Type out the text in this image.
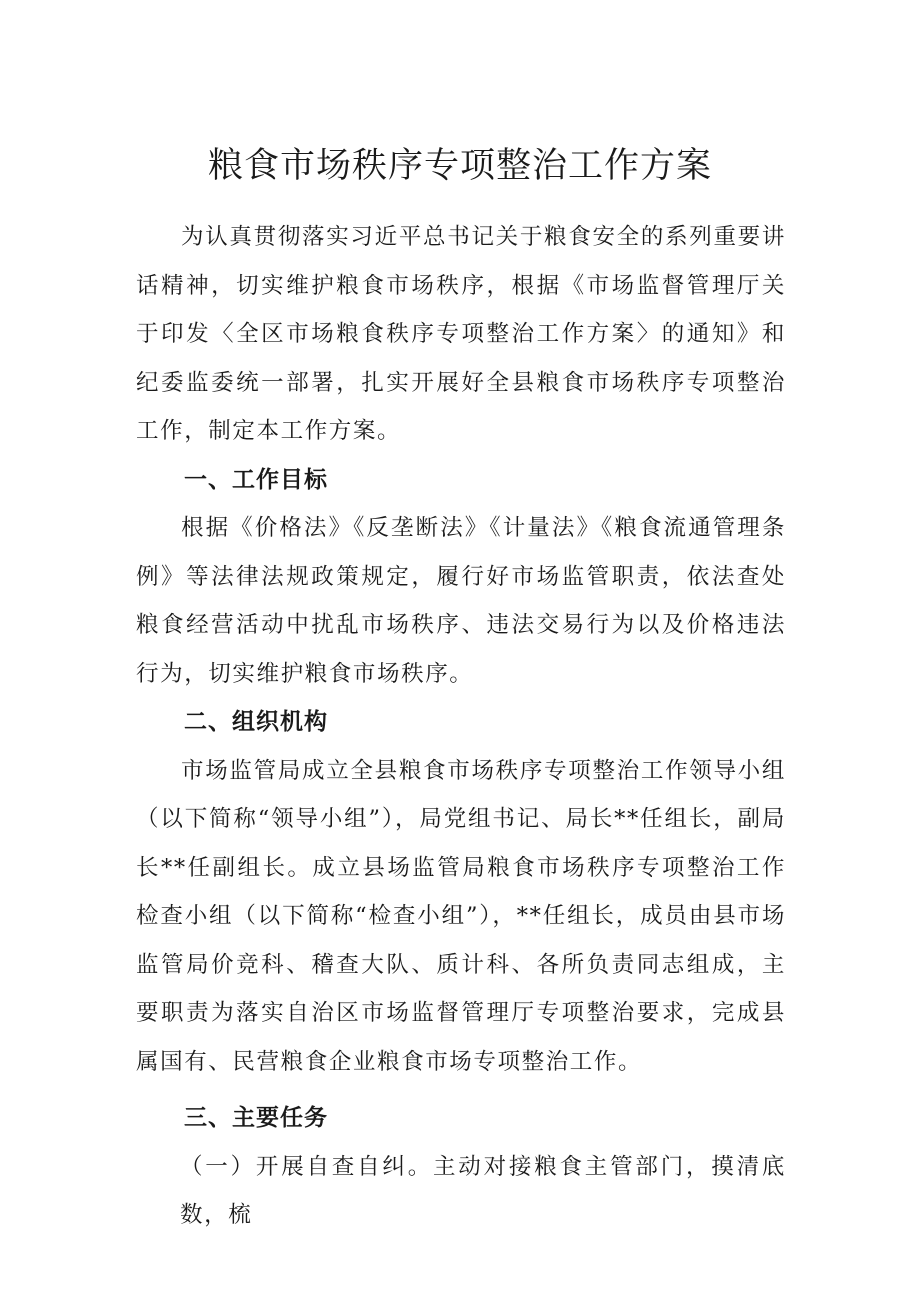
粮食市场秩序专项整治工作方案

为认真贯彻落实习近平总书记关于粮食安全的系列重要讲话精神，切实维护粮食市场秩序，根据《市场监督管理厅关于印发〈全区市场粮食秩序专项整治工作方案〉的通知》和纪委监委统一部署，扎实开展好全县粮食市场秩序专项整治工作，制定本工作方案。

一、工作目标

根据《价格法》《反垄断法》《计量法》《粮食流通管理条例》等法律法规政策规定，履行好市场监管职责，依法查处粮食经营活动中扰乱市场秩序、违法交易行为以及价格违法行为，切实维护粮食市场秩序。

二、组织机构

市场监管局成立全县粮食市场秩序专项整治工作领导小组（以下简称“领导小组”），局党组书记、局长**任组长，副局长**任副组长。成立县场监管局粮食市场秩序专项整治工作检查小组（以下简称“检查小组”），**任组长，成员由县市场监管局价竞科、稽查大队、质计科、各所负责同志组成，主要职责为落实自治区市场监督管理厅专项整治要求，完成县属国有、民营粮食企业粮食市场专项整治工作。

三、主要任务

（一）开展自查自纠。主动对接粮食主管部门，摸清底数，梳
